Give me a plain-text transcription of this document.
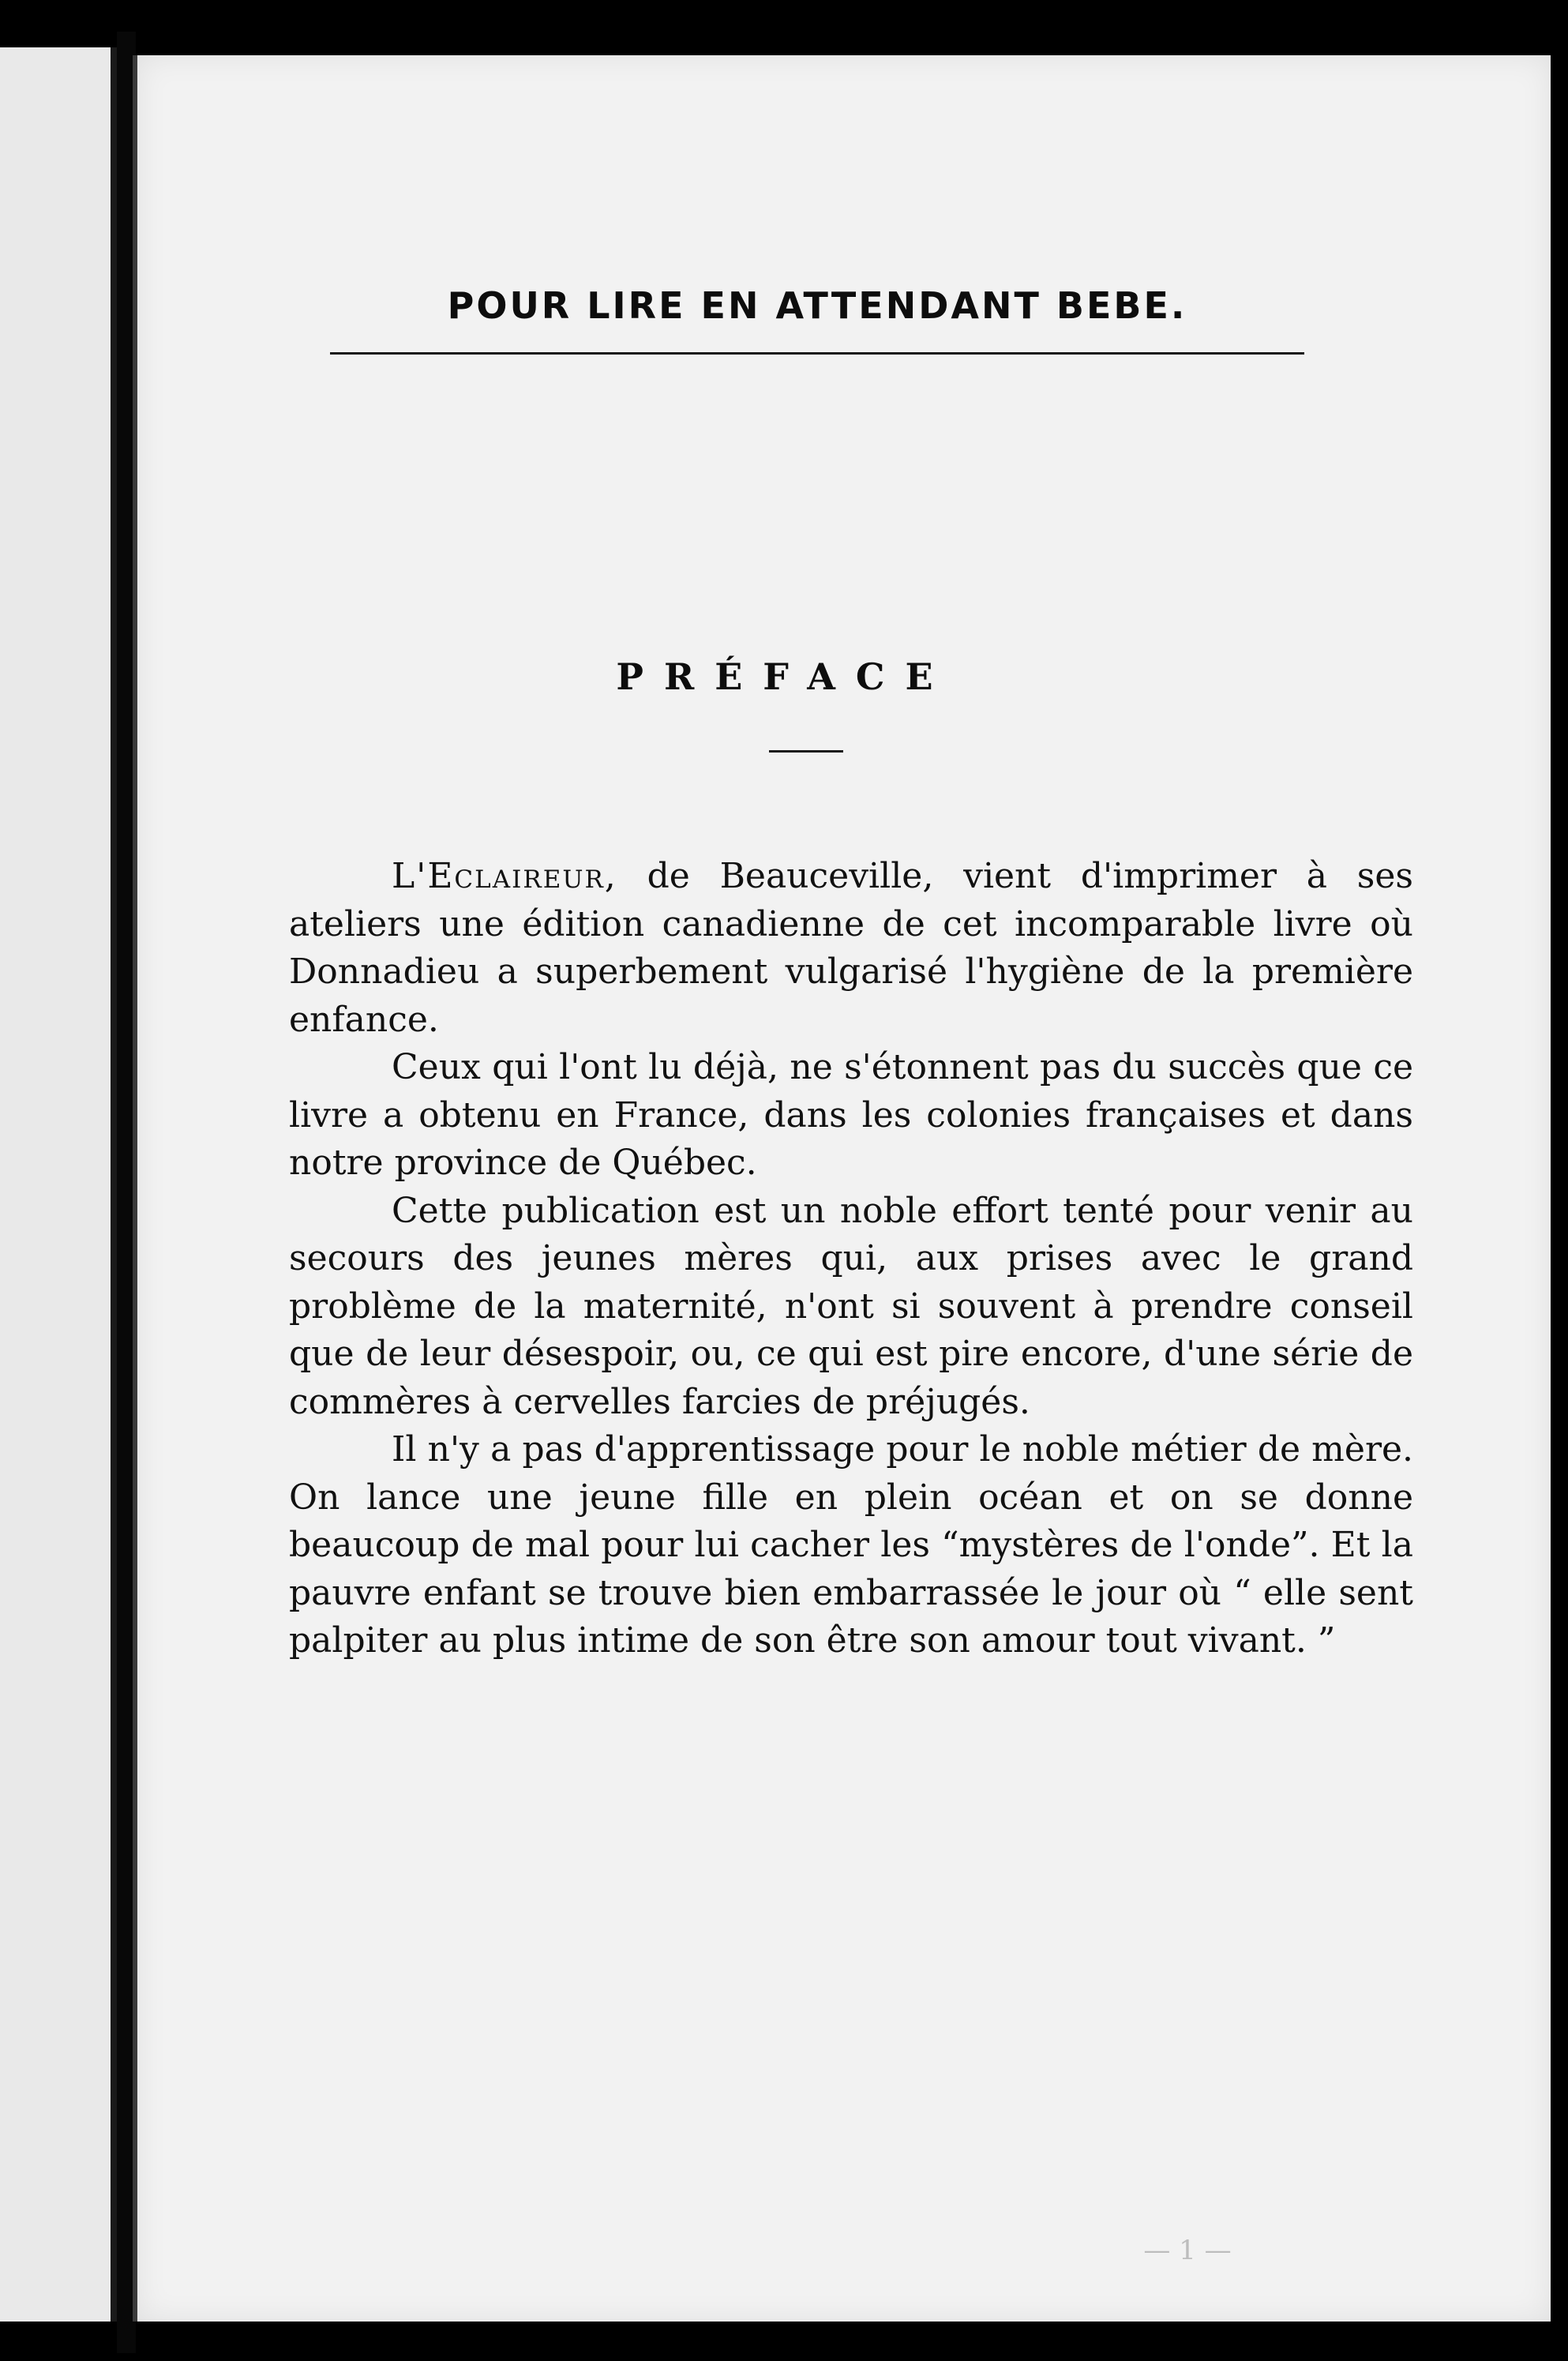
POUR LIRE EN ATTENDANT BEBE.
PRÉFACE

L'Eclaireur, de Beauceville, vient d'imprimer à ses ateliers une édition canadienne de cet incomparable livre où Donnadieu a superbement vulgarisé l'hygiène de la première enfance.

Ceux qui l'ont lu déjà, ne s'étonnent pas du succès que ce livre a obtenu en France, dans les colonies françaises et dans notre province de Québec.

Cette publication est un noble effort tenté pour venir au secours des jeunes mères qui, aux prises avec le grand problème de la maternité, n'ont si souvent à prendre conseil que de leur désespoir, ou, ce qui est pire encore, d'une série de commères à cervelles farcies de préjugés.

Il n'y a pas d'apprentissage pour le noble métier de mère. On lance une jeune fille en plein océan et on se donne beaucoup de mal pour lui cacher les “mystères de l'onde”. Et la pauvre enfant se trouve bien embarrassée le jour où “ elle sent palpiter au plus intime de son être son amour tout vivant. ”

— 1 —
